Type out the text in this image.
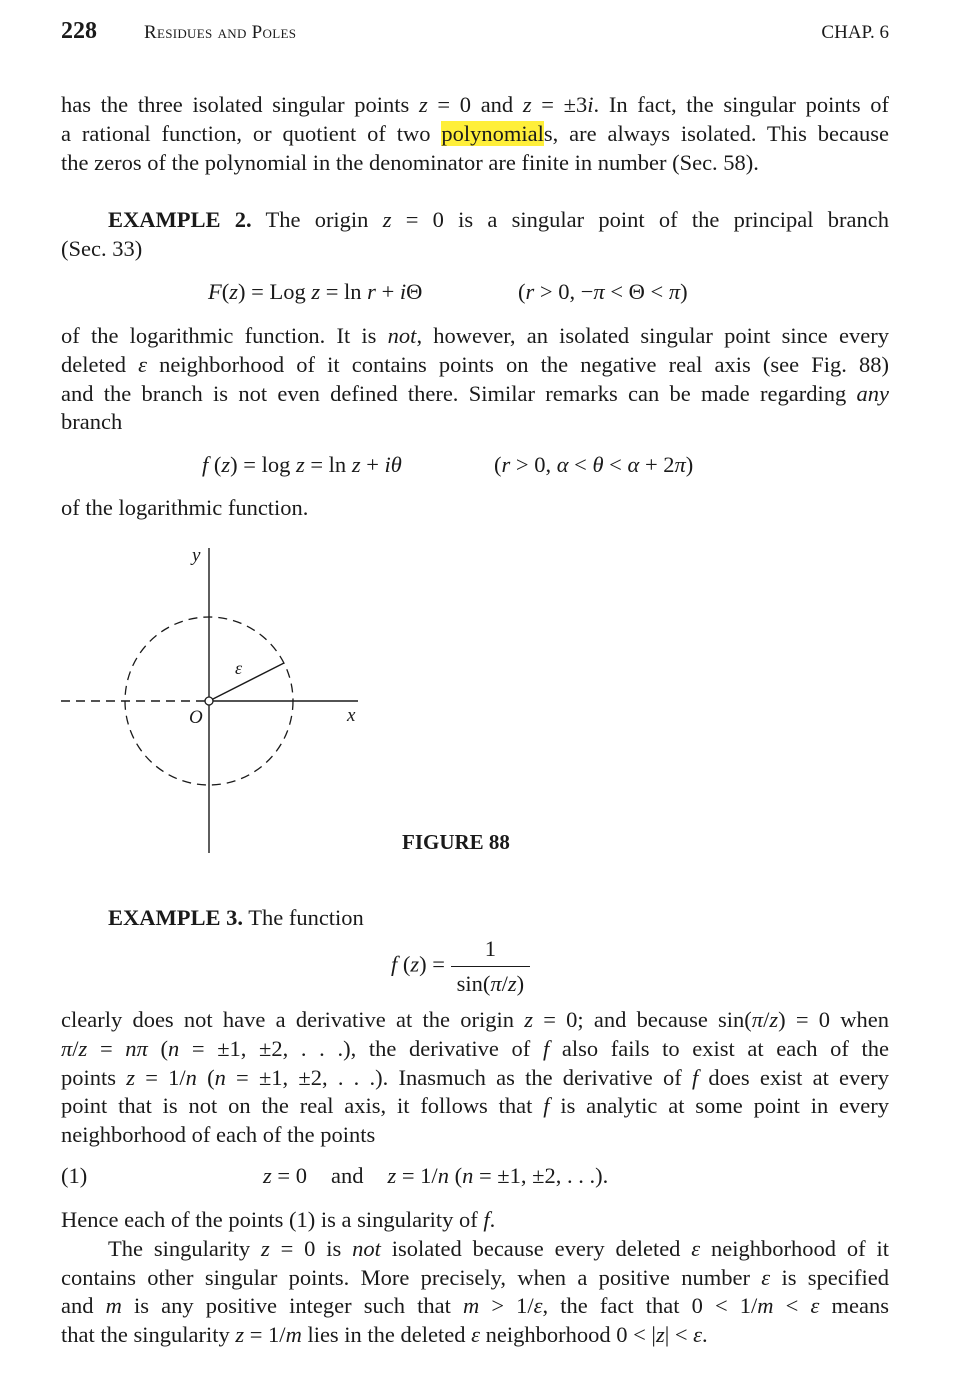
228 Residues and Poles	CHAP. 6
has the three isolated singular points z = 0 and z = ±3i. In fact, the singular points of
a rational function, or quotient of two polynomials, are always isolated. This because
the zeros of the polynomial in the denominator are finite in number (Sec. 58).
EXAMPLE 2. The origin z = 0 is a singular point of the principal branch
(Sec. 33)
F(z) = Log z = ln r + iΘ	(r > 0, −π < Θ < π)
of the logarithmic function. It is not, however, an isolated singular point since every
deleted ε neighborhood of it contains points on the negative real axis (see Fig. 88)
and the branch is not even defined there. Similar remarks can be made regarding any
branch
f (z) = log z = ln z + iθ	(r > 0, α < θ < α + 2π)
of the logarithmic function.
y
x
O
ε
FIGURE 88
EXAMPLE 3. The function
f $(z) = \frac{1}{\sin(\pi/z)}$
clearly does not have a derivative at the origin z = 0; and because sin(π/z) = 0 when
π/z = nπ (n = ±1, ±2, . . .), the derivative of f also fails to exist at each of the
points z = 1/n (n = ±1, ±2, . . .). Inasmuch as the derivative of f does exist at every
point that is not on the real axis, it follows that f is analytic at some point in every
neighborhood of each of the points
(1)	z = 0 and z = 1/n (n = ±1, ±2, . . .).
Hence each of the points (1) is a singularity of f.
The singularity z = 0 is not isolated because every deleted ε neighborhood of it
contains other singular points. More precisely, when a positive number ε is specified
and m is any positive integer such that m > 1/ε, the fact that 0 < 1/m < ε means
that the singularity z = 1/m lies in the deleted ε neighborhood 0 < |z| < ε.
